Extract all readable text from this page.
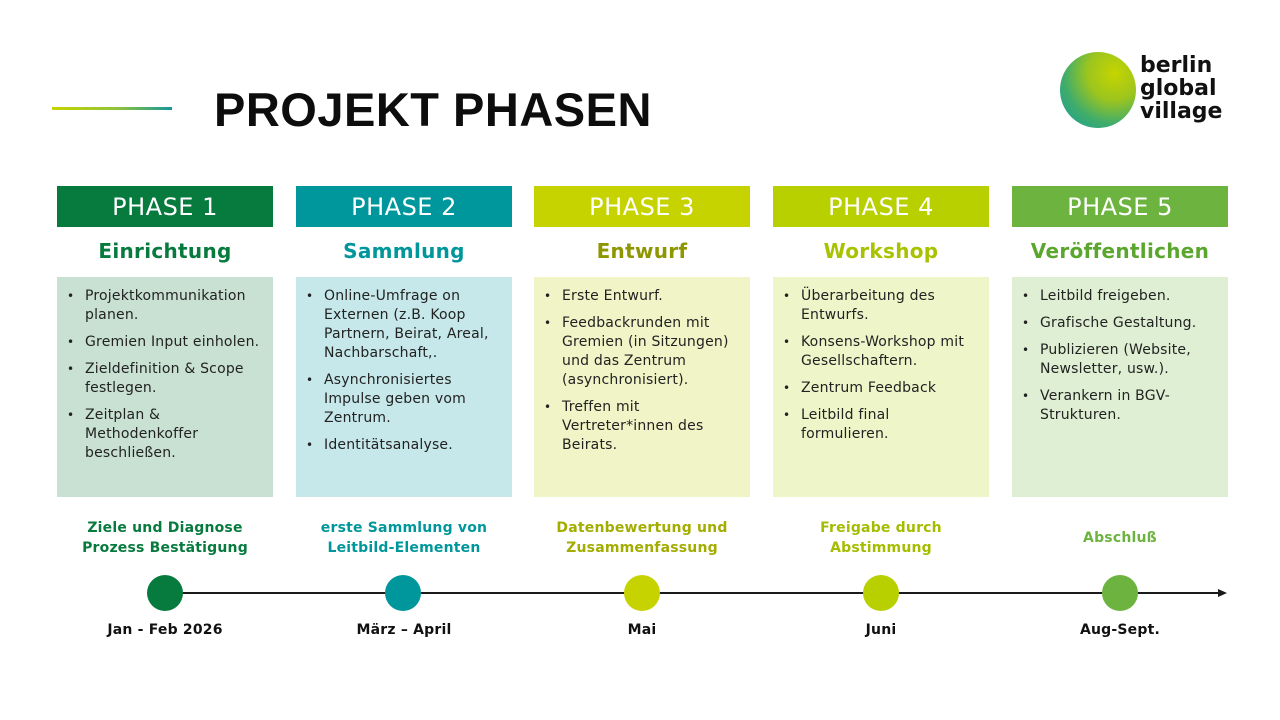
PROJEKT PHASEN
berlin
global
village
PHASE 1
Einrichtung
• Projektkommunikation planen.
• Gremien Input einholen.
• Zieldefinition & Scope festlegen.
• Zeitplan & Methodenkoffer beschließen.
PHASE 2
Sammlung
• Online-Umfrage on Externen (z.B. Koop Partnern, Beirat, Areal, Nachbarschaft,.
• Asynchronisiertes Impulse geben vom Zentrum.
• Identitätsanalyse.
PHASE 3
Entwurf
• Erste Entwurf.
• Feedbackrunden mit Gremien (in Sitzungen) und das Zentrum (asynchronisiert).
• Treffen mit Vertreter*innen des Beirats.
PHASE 4
Workshop
• Überarbeitung des Entwurfs.
• Konsens-Workshop mit Gesellschaftern.
• Zentrum Feedback
• Leitbild final formulieren.
PHASE 5
Veröffentlichen
• Leitbild freigeben.
• Grafische Gestaltung.
• Publizieren (Website, Newsletter, usw.).
• Verankern in BGV-Strukturen.
Ziele und Diagnose
Prozess Bestätigung
erste Sammlung von
Leitbild-Elementen
Datenbewertung und
Zusammenfassung
Freigabe durch
Abstimmung
Abschluß
Jan - Feb 2026	März – April	Mai	Juni	Aug-Sept.
